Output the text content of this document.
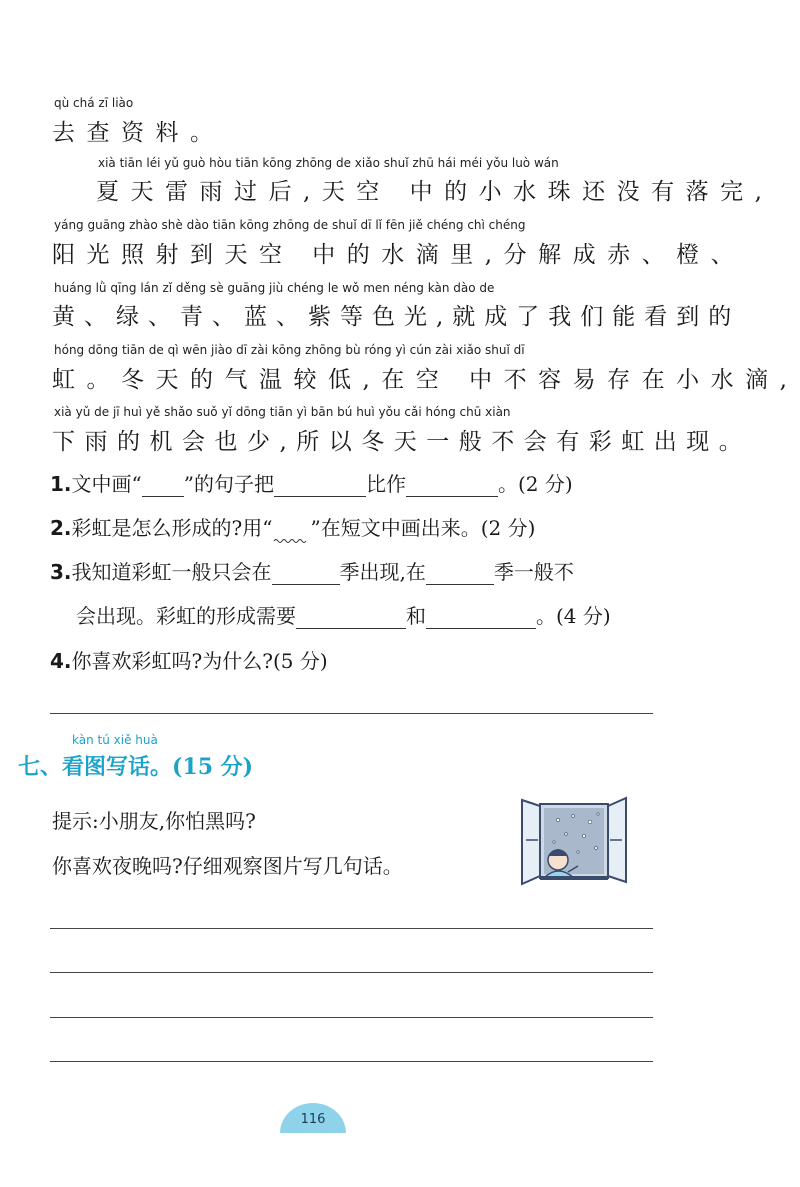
qù chá zī liào
去查资料。
xià tiān léi yǔ guò hòu tiān kōng zhōng de xiǎo shuǐ zhū hái méi yǒu luò wán
夏天雷雨过后,天空 中的小水珠还没有落完,
yáng guāng zhào shè dào tiān kōng zhōng de shuǐ dī lǐ fēn jiě chéng chì chéng
阳光照射到天空 中的水滴里,分解成赤、橙、
huáng lǜ qīng lán zǐ děng sè guāng jiù chéng le wǒ men néng kàn dào de
黄、绿、青、蓝、紫等色光,就成了我们能看到的
hóng dōng tiān de qì wēn jiào dī zài kōng zhōng bù róng yì cún zài xiǎo shuǐ dī
虹。冬天的气温较低,在空 中不容易存在小水滴,
xià yǔ de jī huì yě shǎo suǒ yǐ dōng tiān yì bān bú huì yǒu cǎi hóng chū xiàn
下雨的机会也少,所以冬天一般不会有彩虹出现。
1.文中画“ ”的句子把	比作	。(2 分)
2.彩虹是怎么形成的?用“ ”在短文中画出来。(2 分)
3.我知道彩虹一般只会在	季出现,在	季一般不
会出现。彩虹的形成需要	和	。(4 分)
4.你喜欢彩虹吗?为什么?(5 分)
kàn tú xiě huà
七、看图写话。(15 分)
提示:小朋友,你怕黑吗?
你喜欢夜晚吗?仔细观察图片写几句话。
116
